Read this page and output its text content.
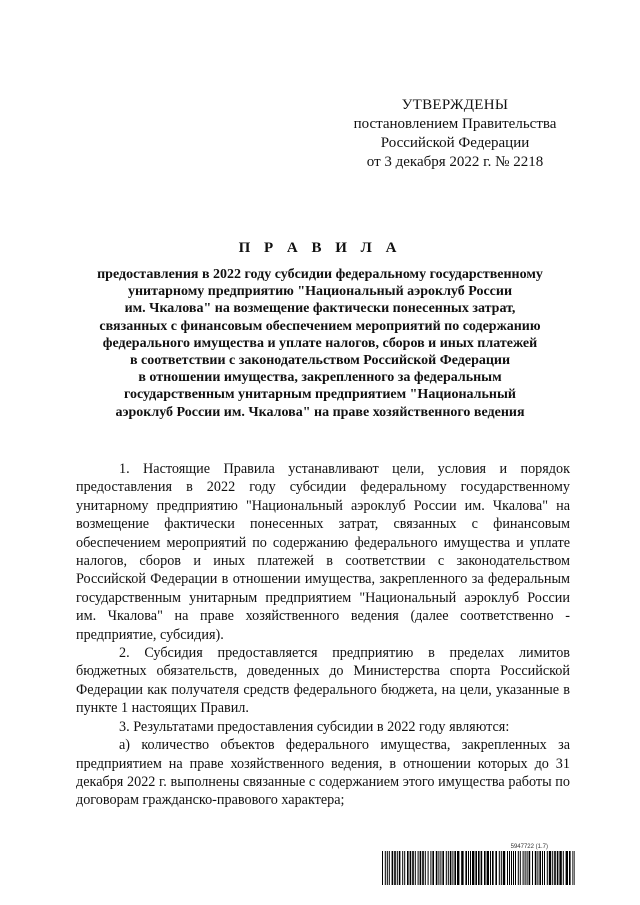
УТВЕРЖДЕНЫ
постановлением Правительства
Российской Федерации
от 3 декабря 2022 г. № 2218
П Р А В И Л А
предоставления в 2022 году субсидии федеральному государственному
унитарному предприятию "Национальный аэроклуб России
им. Чкалова" на возмещение фактически понесенных затрат,
связанных с финансовым обеспечением мероприятий по содержанию
федерального имущества и уплате налогов, сборов и иных платежей
в соответствии с законодательством Российской Федерации
в отношении имущества, закрепленного за федеральным
государственным унитарным предприятием "Национальный
аэроклуб России им. Чкалова" на праве хозяйственного ведения

1. Настоящие Правила устанавливают цели, условия и порядок предоставления в 2022 году субсидии федеральному государственному унитарному предприятию "Национальный аэроклуб России им. Чкалова" на возмещение фактически понесенных затрат, связанных с финансовым обеспечением мероприятий по содержанию федерального имущества и уплате налогов, сборов и иных платежей в соответствии с законодательством Российской Федерации в отношении имущества, закрепленного за федеральным государственным унитарным предприятием "Национальный аэроклуб России им. Чкалова" на праве хозяйственного ведения (далее соответственно - предприятие, субсидия).

2. Субсидия предоставляется предприятию в пределах лимитов бюджетных обязательств, доведенных до Министерства спорта Российской Федерации как получателя средств федерального бюджета, на цели, указанные в пункте 1 настоящих Правил.

3. Результатами предоставления субсидии в 2022 году являются:

а) количество объектов федерального имущества, закрепленных за предприятием на праве хозяйственного ведения, в отношении которых до 31 декабря 2022 г. выполнены связанные с содержанием этого имущества работы по договорам гражданско-правового характера;

5947722 (1.7)
